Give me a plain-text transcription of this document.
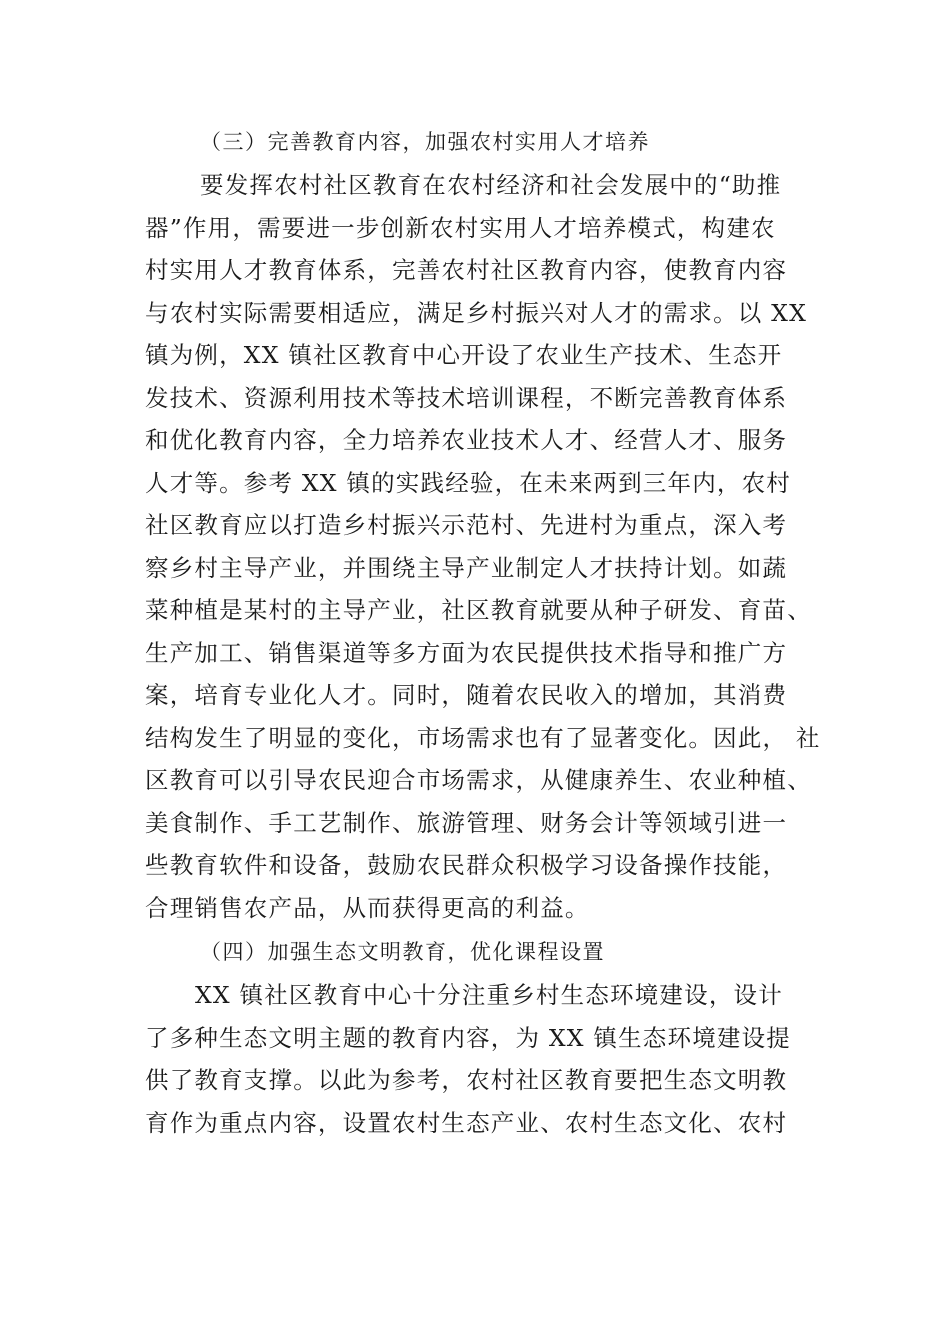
（三）完善教育内容，加强农村实用人才培养
要发挥农村社区教育在农村经济和社会发展中的“助推
器”作用，需要进一步创新农村实用人才培养模式，构建农
村实用人才教育体系，完善农村社区教育内容，使教育内容
与农村实际需要相适应，满足乡村振兴对人才的需求。以 XX
镇为例，XX 镇社区教育中心开设了农业生产技术、生态开
发技术、资源利用技术等技术培训课程，不断完善教育体系
和优化教育内容，全力培养农业技术人才、经营人才、服务
人才等。参考 XX 镇的实践经验，在未来两到三年内，农村
社区教育应以打造乡村振兴示范村、先进村为重点，深入考
察乡村主导产业，并围绕主导产业制定人才扶持计划。如蔬
菜种植是某村的主导产业，社区教育就要从种子研发、育苗、
生产加工、销售渠道等多方面为农民提供技术指导和推广方
案，培育专业化人才。同时，随着农民收入的增加，其消费
结构发生了明显的变化，市场需求也有了显著变化。因此， 社
区教育可以引导农民迎合市场需求，从健康养生、农业种植、
美食制作、手工艺制作、旅游管理、财务会计等领域引进一
些教育软件和设备，鼓励农民群众积极学习设备操作技能，
合理销售农产品，从而获得更高的利益。
（四）加强生态文明教育，优化课程设置
XX 镇社区教育中心十分注重乡村生态环境建设，设计
了多种生态文明主题的教育内容，为 XX 镇生态环境建设提
供了教育支撑。以此为参考，农村社区教育要把生态文明教
育作为重点内容，设置农村生态产业、农村生态文化、农村
